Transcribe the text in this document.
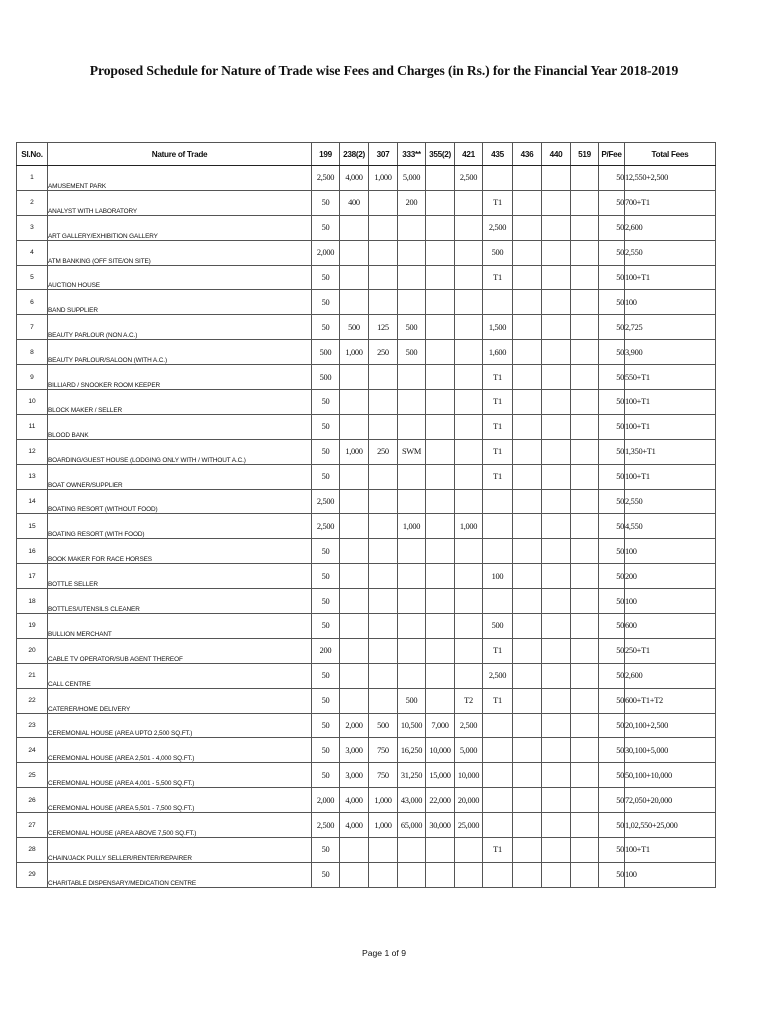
Proposed Schedule for Nature of Trade wise Fees and Charges (in Rs.) for the Financial Year 2018-2019
Sl.No.	Nature of Trade	199	238(2)	307	333**	355(2)	421	435	436	440	519	P/Fee	Total Fees
1	AMUSEMENT PARK	2,500	4,000	1,000	5,000		2,500					50	12,550+2,500
2	ANALYST WITH LABORATORY	50	400		200			T1				50	700+T1
3	ART GALLERY/EXHIBITION GALLERY	50						2,500				50	2,600
4	ATM BANKING (OFF SITE/ON SITE)	2,000						500				50	2,550
5	AUCTION HOUSE	50						T1				50	100+T1
6	BAND SUPPLIER	50										50	100
7	BEAUTY PARLOUR (NON A.C.)	50	500	125	500			1,500				50	2,725
8	BEAUTY PARLOUR/SALOON (WITH A.C.)	500	1,000	250	500			1,600				50	3,900
9	BILLIARD / SNOOKER ROOM KEEPER	500						T1				50	550+T1
10	BLOCK MAKER / SELLER	50						T1				50	100+T1
11	BLOOD BANK	50						T1				50	100+T1
12	BOARDING/GUEST HOUSE (LODGING ONLY WITH / WITHOUT A.C.)	50	1,000	250	SWM			T1				50	1,350+T1
13	BOAT OWNER/SUPPLIER	50						T1				50	100+T1
14	BOATING RESORT (WITHOUT FOOD)	2,500										50	2,550
15	BOATING RESORT (WITH FOOD)	2,500			1,000		1,000					50	4,550
16	BOOK MAKER FOR RACE HORSES	50										50	100
17	BOTTLE SELLER	50						100				50	200
18	BOTTLES/UTENSILS CLEANER	50										50	100
19	BULLION MERCHANT	50						500				50	600
20	CABLE TV OPERATOR/SUB AGENT THEREOF	200						T1				50	250+T1
21	CALL CENTRE	50						2,500				50	2,600
22	CATERER/HOME DELIVERY	50			500		T2	T1				50	600+T1+T2
23	CEREMONIAL HOUSE (AREA UPTO 2,500 SQ.FT.)	50	2,000	500	10,500	7,000	2,500					50	20,100+2,500
24	CEREMONIAL HOUSE (AREA 2,501 - 4,000 SQ.FT.)	50	3,000	750	16,250	10,000	5,000					50	30,100+5,000
25	CEREMONIAL HOUSE (AREA 4,001 - 5,500 SQ.FT.)	50	3,000	750	31,250	15,000	10,000					50	50,100+10,000
26	CEREMONIAL HOUSE (AREA 5,501 - 7,500 SQ.FT.)	2,000	4,000	1,000	43,000	22,000	20,000					50	72,050+20,000
27	CEREMONIAL HOUSE (AREA ABOVE 7,500 SQ.FT.)	2,500	4,000	1,000	65,000	30,000	25,000					50	1,02,550+25,000
28	CHAIN/JACK PULLY SELLER/RENTER/REPAIRER	50						T1				50	100+T1
29	CHARITABLE DISPENSARY/MEDICATION CENTRE	50										50	100
Page 1 of 9
